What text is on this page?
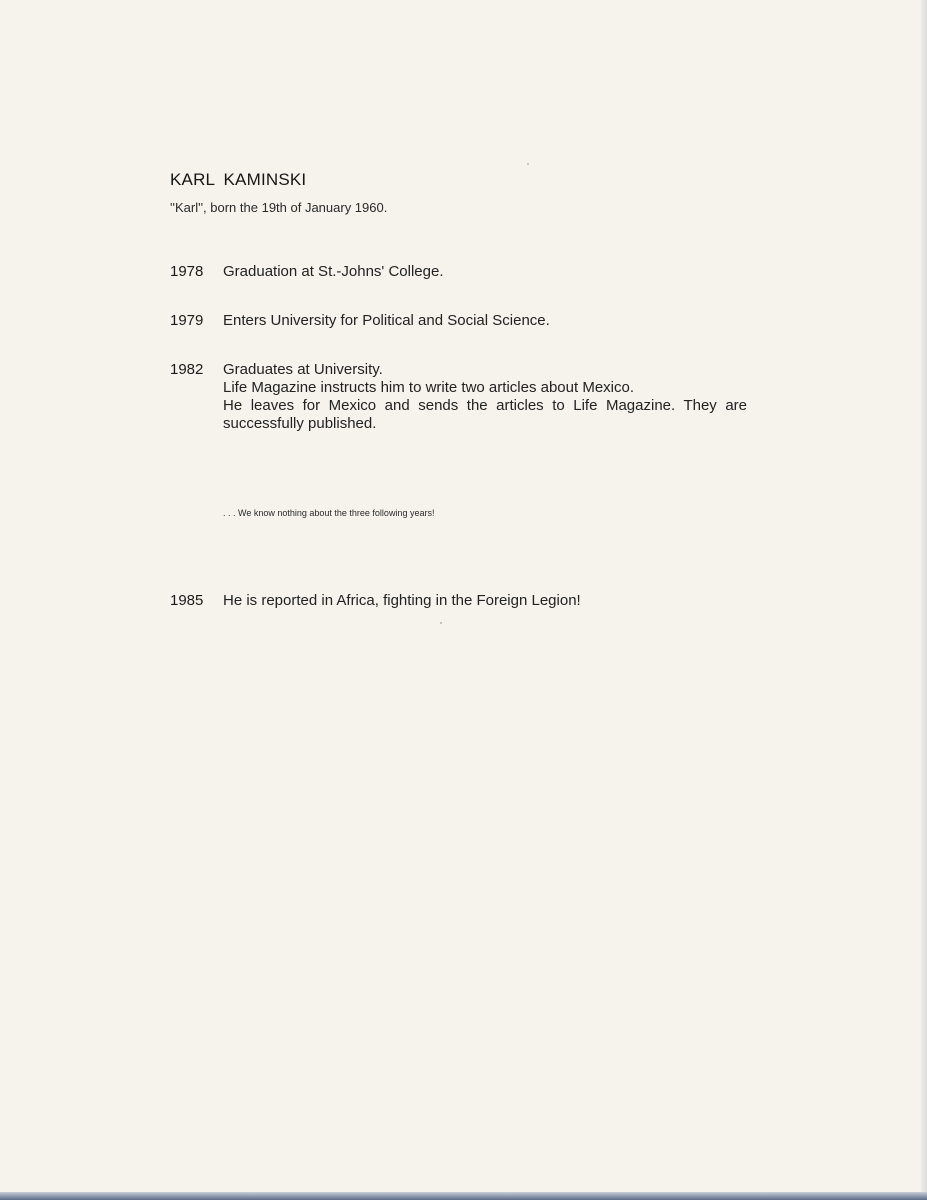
KARL KAMINSKI
''Karl'', born the 19th of January 1960.
1978	Graduation at St.-Johns' College.

1979	Enters University for Political and Social Science.

1982	Graduates at University.

Life Magazine instructs him to write two articles about Mexico.

He leaves for Mexico and sends the articles to Life Magazine. They are successfully published.

. . . We know nothing about the three following years!
1985	He is reported in Africa, fighting in the Foreign Legion!
